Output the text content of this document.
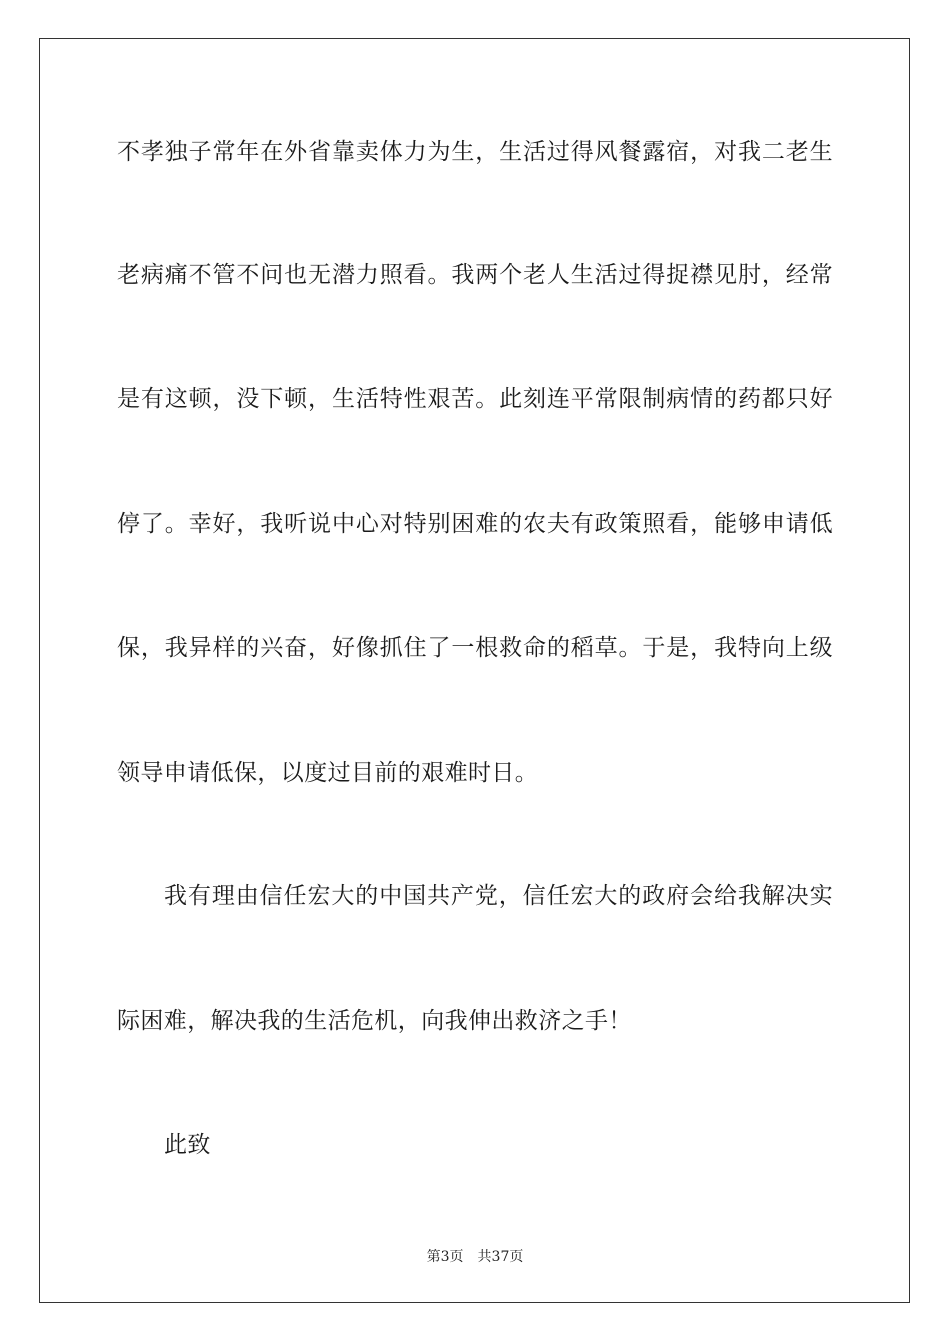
不孝独子常年在外省靠卖体力为生，生活过得风餐露宿，对我二老生
老病痛不管不问也无潜力照看。我两个老人生活过得捉襟见肘，经常
是有这顿，没下顿，生活特性艰苦。此刻连平常限制病情的药都只好
停了。幸好，我听说中心对特别困难的农夫有政策照看，能够申请低
保，我异样的兴奋，好像抓住了一根救命的稻草。于是，我特向上级
领导申请低保，以度过目前的艰难时日。
我有理由信任宏大的中国共产党，信任宏大的政府会给我解决实
际困难，解决我的生活危机，向我伸出救济之手！
此致
第3页 共37页
